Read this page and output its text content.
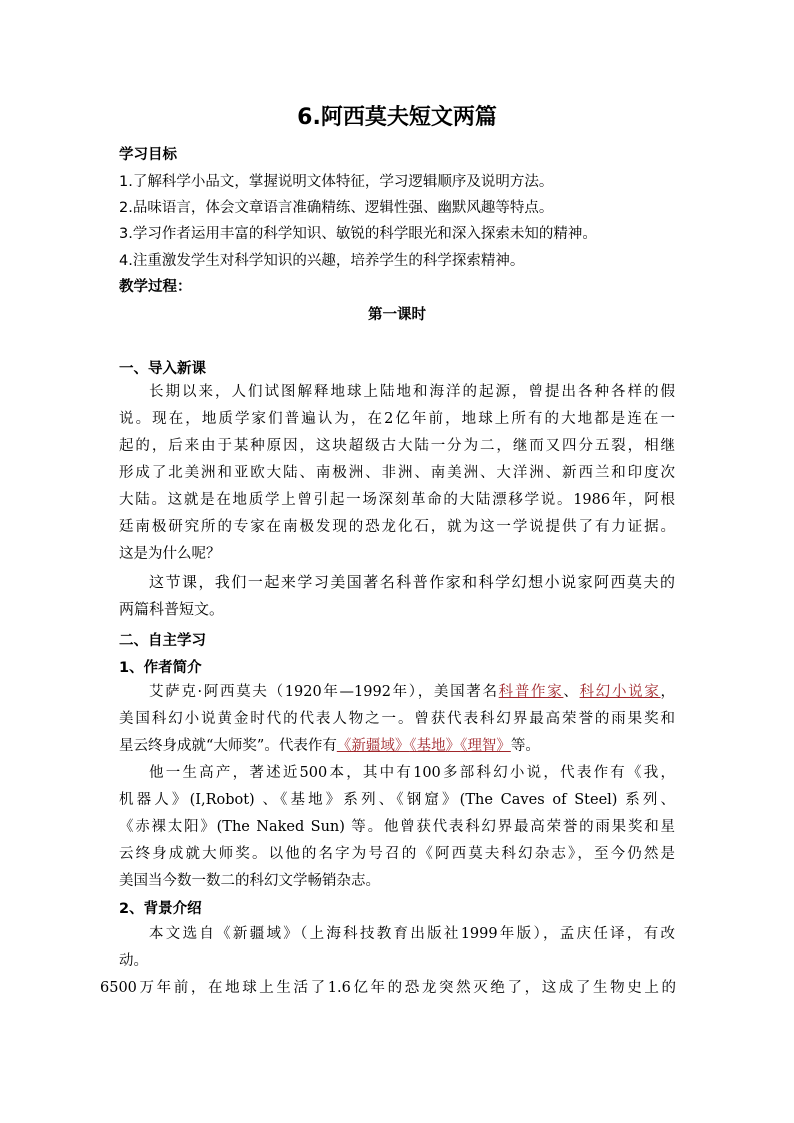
6.阿西莫夫短文两篇
学习目标
1.了解科学小品文，掌握说明文体特征，学习逻辑顺序及说明方法。
2.品味语言，体会文章语言准确精练、逻辑性强、幽默风趣等特点。
3.学习作者运用丰富的科学知识、敏锐的科学眼光和深入探索未知的精神。
4.注重激发学生对科学知识的兴趣，培养学生的科学探索精神。
教学过程：
第一课时
一、导入新课
长期以来，人们试图解释地球上陆地和海洋的起源，曾提出各种各样的假
说。现在，地质学家们普遍认为，在2亿年前，地球上所有的大地都是连在一
起的，后来由于某种原因，这块超级古大陆一分为二，继而又四分五裂，相继
形成了北美洲和亚欧大陆、南极洲、非洲、南美洲、大洋洲、新西兰和印度次
大陆。这就是在地质学上曾引起一场深刻革命的大陆漂移学说。1986年，阿根
廷南极研究所的专家在南极发现的恐龙化石，就为这一学说提供了有力证据。
这是为什么呢？
这节课，我们一起来学习美国著名科普作家和科学幻想小说家阿西莫夫的
两篇科普短文。
二、自主学习
1、作者简介
艾萨克·阿西莫夫（1920年—1992年），美国著名科普作家、科幻小说家，
美国科幻小说黄金时代的代表人物之一。曾获代表科幻界最高荣誉的雨果奖和
星云终身成就“大师奖”。代表作有《新疆域》《基地》《理智》等。
他一生高产，著述近500本，其中有100多部科幻小说，代表作有《我，
机器人》(I,Robot) 、《基地》系列、《钢窟》(The Caves of Steel) 系列、
《赤裸太阳》(The Naked Sun) 等。他曾获代表科幻界最高荣誉的雨果奖和星
云终身成就大师奖。以他的名字为号召的《阿西莫夫科幻杂志》，至今仍然是
美国当今数一数二的科幻文学畅销杂志。
2、背景介绍
本文选自《新疆域》（上海科技教育出版社1999年版），孟庆任译，有改
动。
6500万年前，在地球上生活了1.6亿年的恐龙突然灭绝了，这成了生物史上的
